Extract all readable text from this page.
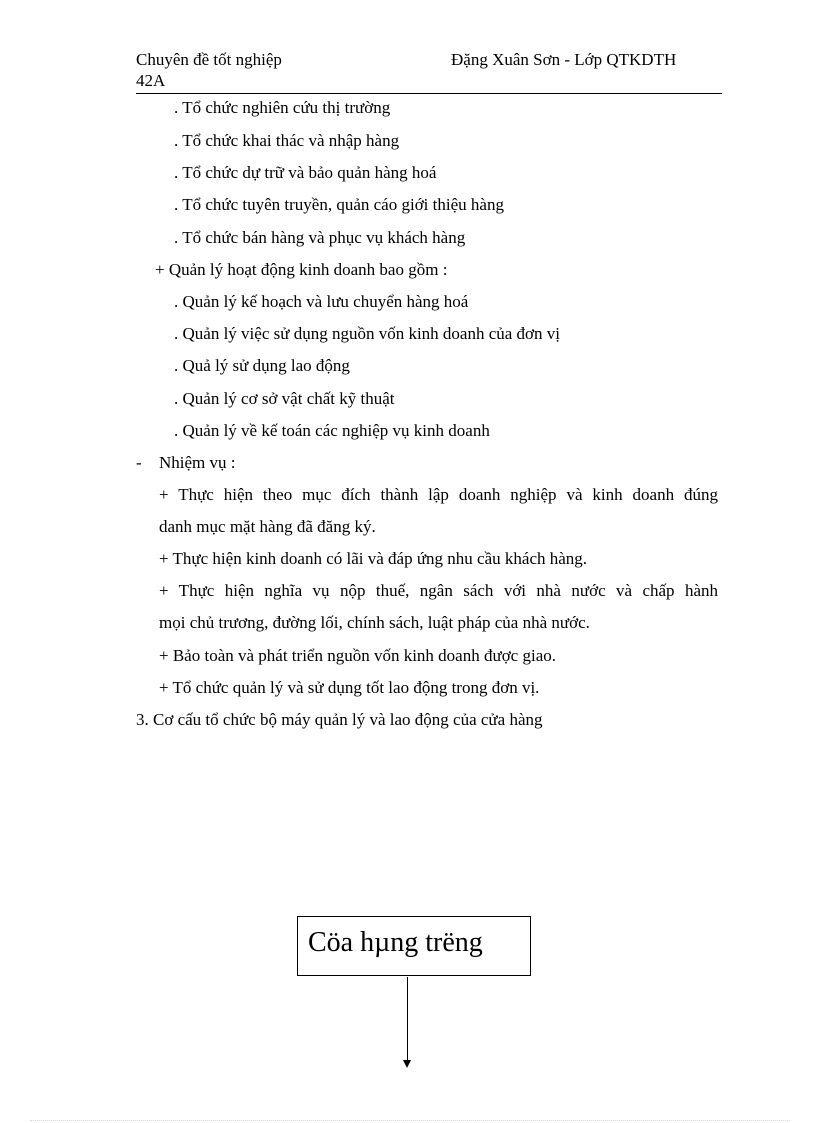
Chuyên đề tốt nghiệp	Đặng Xuân Sơn - Lớp QTKDTH
42A
. Tổ chức nghiên cứu thị trường
. Tổ chức khai thác và nhập hàng
. Tổ chức dự trữ và bảo quản hàng hoá
. Tổ chức tuyên truyền, quản cáo giới thiệu hàng
. Tổ chức bán hàng và phục vụ khách hàng
+ Quản lý hoạt động kinh doanh bao gồm :
. Quản lý kế hoạch và lưu chuyển hàng hoá
. Quản lý việc sử dụng nguồn vốn kinh doanh của đơn vị
. Quả lý sử dụng lao động
. Quản lý cơ sở vật chất kỹ thuật
. Quản lý về kế toán các nghiệp vụ kinh doanh
- Nhiệm vụ :
+ Thực hiện theo mục đích thành lập doanh nghiệp và kinh doanh đúng
danh mục mặt hàng đã đăng ký.
+ Thực hiện kinh doanh có lãi và đáp ứng nhu cầu khách hàng.
+ Thực hiện nghĩa vụ nộp thuế, ngân sách với nhà nước và chấp hành
mọi chủ trương, đường lối, chính sách, luật pháp của nhà nước.
+ Bảo toàn và phát triển nguồn vốn kinh doanh được giao.
+ Tổ chức quản lý và sử dụng tốt lao động trong đơn vị.
3. Cơ cấu tổ chức bộ máy quản lý và lao động của cửa hàng
Cöa hµng trëng
